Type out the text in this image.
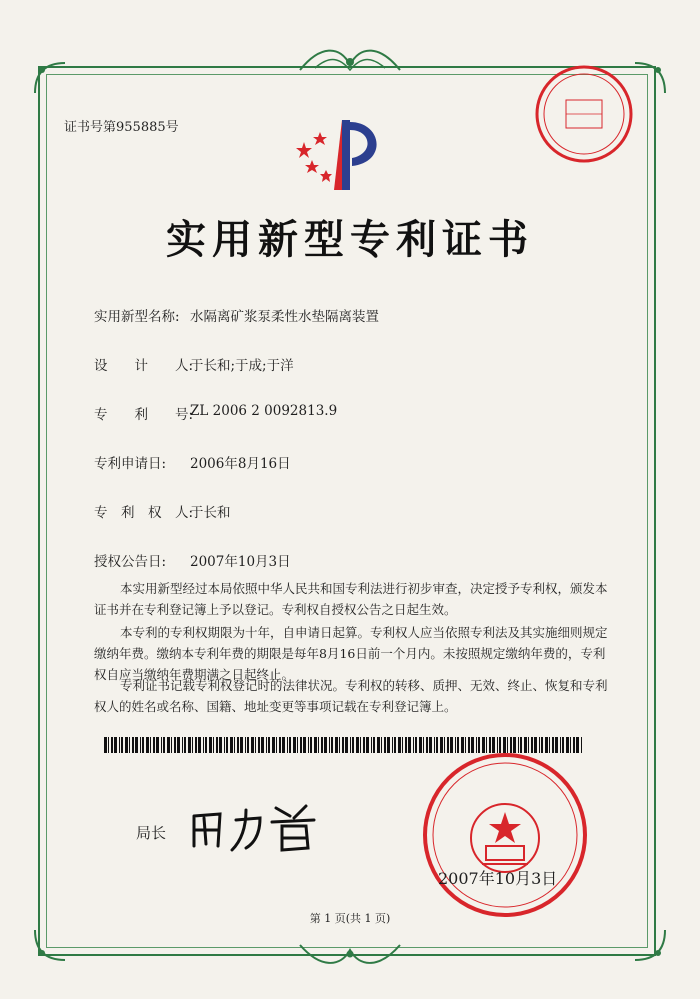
证书号第955885号
实用新型专利证书
实用新型名称: 水隔离矿浆泵柔性水垫隔离装置
设　　计　　人:
于长和;于成;于洋
专　　利　　号:
ZL 2006 2 0092813.9
专利申请日:	2006年8月16日
专　利　权　人:
于长和
授权公告日:	2007年10月3日
本实用新型经过本局依照中华人民共和国专利法进行初步审查，决定授予专利权，颁发本证书并在专利登记簿上予以登记。专利权自授权公告之日起生效。
本专利的专利权期限为十年，自申请日起算。专利权人应当依照专利法及其实施细则规定缴纳年费。缴纳本专利年费的期限是每年8月16日前一个月内。未按照规定缴纳年费的，专利权自应当缴纳年费期满之日起终止。
专利证书记载专利权登记时的法律状况。专利权的转移、质押、无效、终止、恢复和专利权人的姓名或名称、国籍、地址变更等事项记载在专利登记簿上。
局长
2007年10月3日
第 1 页(共 1 页)
